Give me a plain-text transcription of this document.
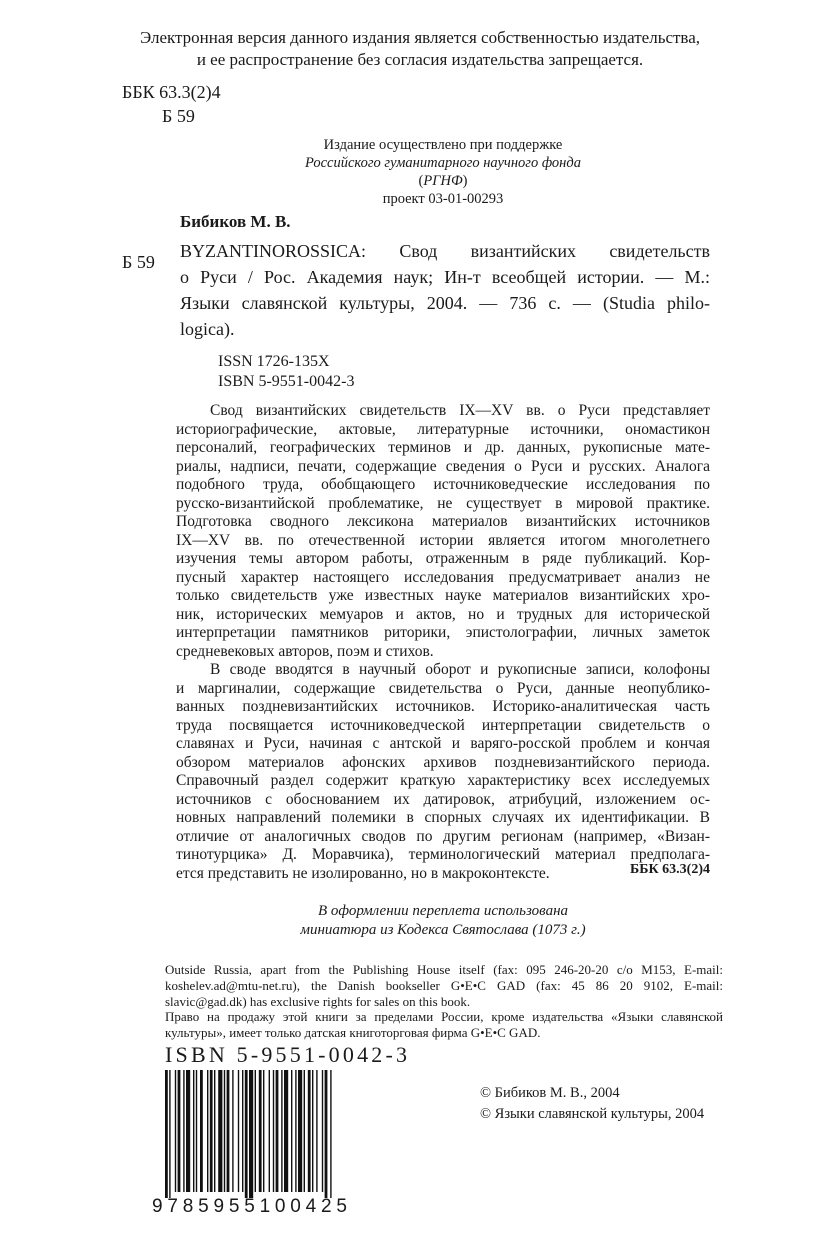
Электронная версия данного издания является собственностью издательства,
и ее распространение без согласия издательства запрещается.
ББК 63.3(2)4
Б 59
Издание осуществлено при поддержке
Российского гуманитарного научного фонда
(РГНФ)
проект 03-01-00293
Бибиков М. В.
Б 59
BYZANTINOROSSICA: Свод византийских свидетельств
о Руси / Рос. Академия наук; Ин-т всеобщей истории. — М.:
Языки славянской культуры, 2004. — 736 с. — (Studia philo-
logica).
ISSN 1726-135X
ISBN 5-9551-0042-3
Свод византийских свидетельств IX—XV вв. о Руси представляет
историографические, актовые, литературные источники, ономастикон
персоналий, географических терминов и др. данных, рукописные мате-
риалы, надписи, печати, содержащие сведения о Руси и русских. Аналога
подобного труда, обобщающего источниковедческие исследования по
русско-византийской проблематике, не существует в мировой практике.
Подготовка сводного лексикона материалов византийских источников
IX—XV вв. по отечественной истории является итогом многолетнего
изучения темы автором работы, отраженным в ряде публикаций. Кор-
пусный характер настоящего исследования предусматривает анализ не
только свидетельств уже известных науке материалов византийских хро-
ник, исторических мемуаров и актов, но и трудных для исторической
интерпретации памятников риторики, эпистолографии, личных заметок
средневековых авторов, поэм и стихов.
В своде вводятся в научный оборот и рукописные записи, колофоны
и маргиналии, содержащие свидетельства о Руси, данные неопублико-
ванных поздневизантийских источников. Историко-аналитическая часть
труда посвящается источниковедческой интерпретации свидетельств о
славянах и Руси, начиная с антской и варяго-росской проблем и кончая
обзором материалов афонских архивов поздневизантийского периода.
Справочный раздел содержит краткую характеристику всех исследуемых
источников с обоснованием их датировок, атрибуций, изложением ос-
новных направлений полемики в спорных случаях их идентификации. В
отличие от аналогичных сводов по другим регионам (например, «Визан-
тинотурцика» Д. Моравчика), терминологический материал предполага-
ется представить не изолированно, но в макроконтексте.	ББК 63.3(2)4
В оформлении переплета использована
миниатюра из Кодекса Святослава (1073 г.)
Outside Russia, apart from the Publishing House itself (fax: 095 246-20-20 c/o M153, E-mail:
koshelev.ad@mtu-net.ru), the Danish bookseller G•E•C GAD (fax: 45 86 20 9102, E-mail:
slavic@gad.dk) has exclusive rights for sales on this book.
Право на продажу этой книги за пределами России, кроме издательства «Языки славянской
культуры», имеет только датская книготорговая фирма G•E•C GAD.
ISBN 5-9551-0042-3
9785955100425
© Бибиков М. В., 2004
© Языки славянской культуры, 2004
